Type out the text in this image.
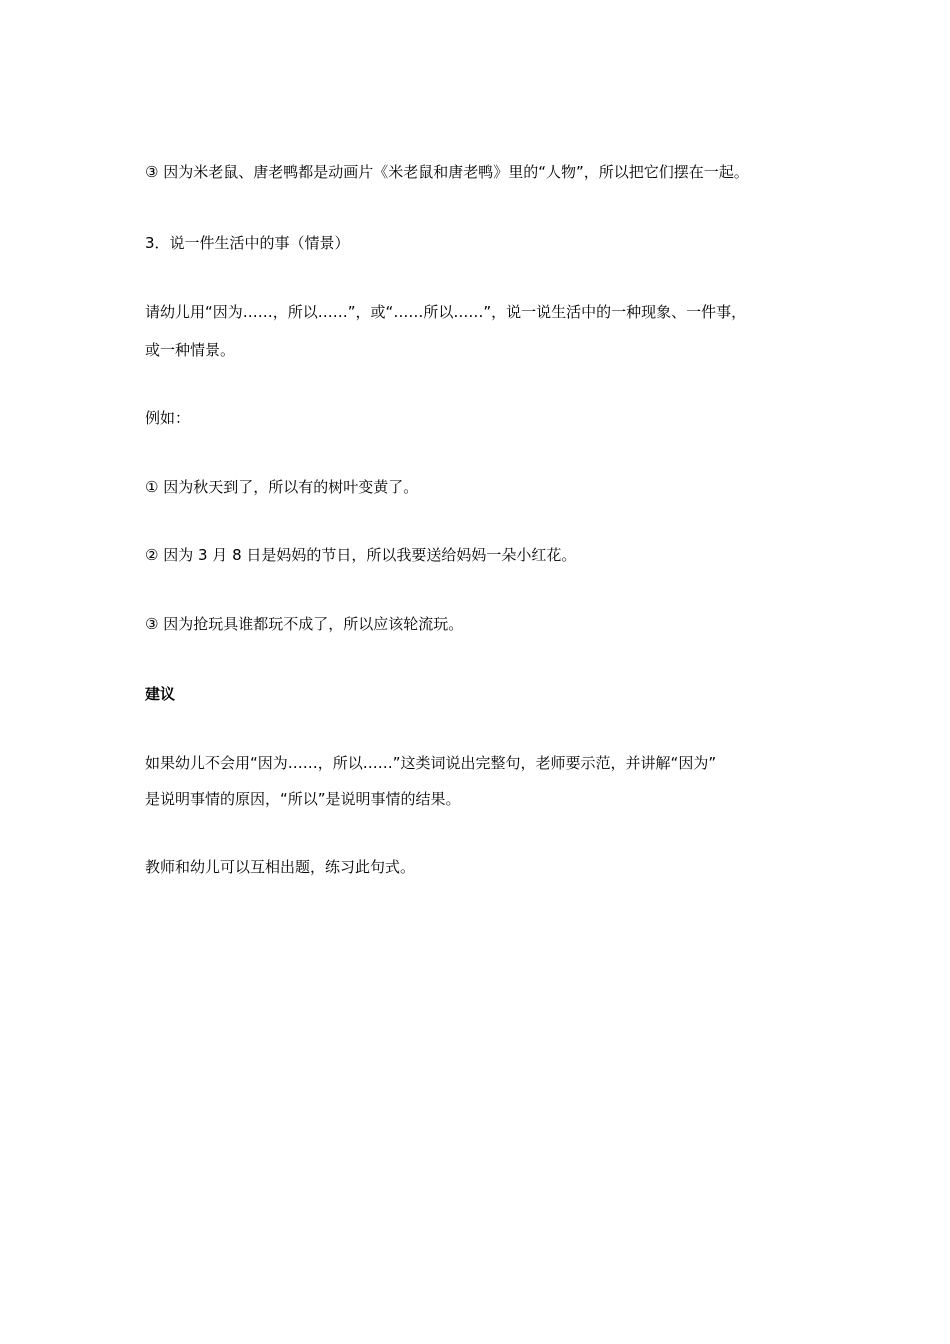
③ 因为米老鼠、唐老鸭都是动画片《米老鼠和唐老鸭》里的“人物”，所以把它们摆在一起。
3．说一件生活中的事（情景）
请幼儿用“因为……，所以……”，或“……所以……”，说一说生活中的一种现象、一件事，
或一种情景。
例如：
① 因为秋天到了，所以有的树叶变黄了。
② 因为 3 月 8 日是妈妈的节日，所以我要送给妈妈一朵小红花。
③ 因为抢玩具谁都玩不成了，所以应该轮流玩。
建议
如果幼儿不会用“因为……，所以……”这类词说出完整句，老师要示范，并讲解“因为”
是说明事情的原因，“所以”是说明事情的结果。
教师和幼儿可以互相出题，练习此句式。
